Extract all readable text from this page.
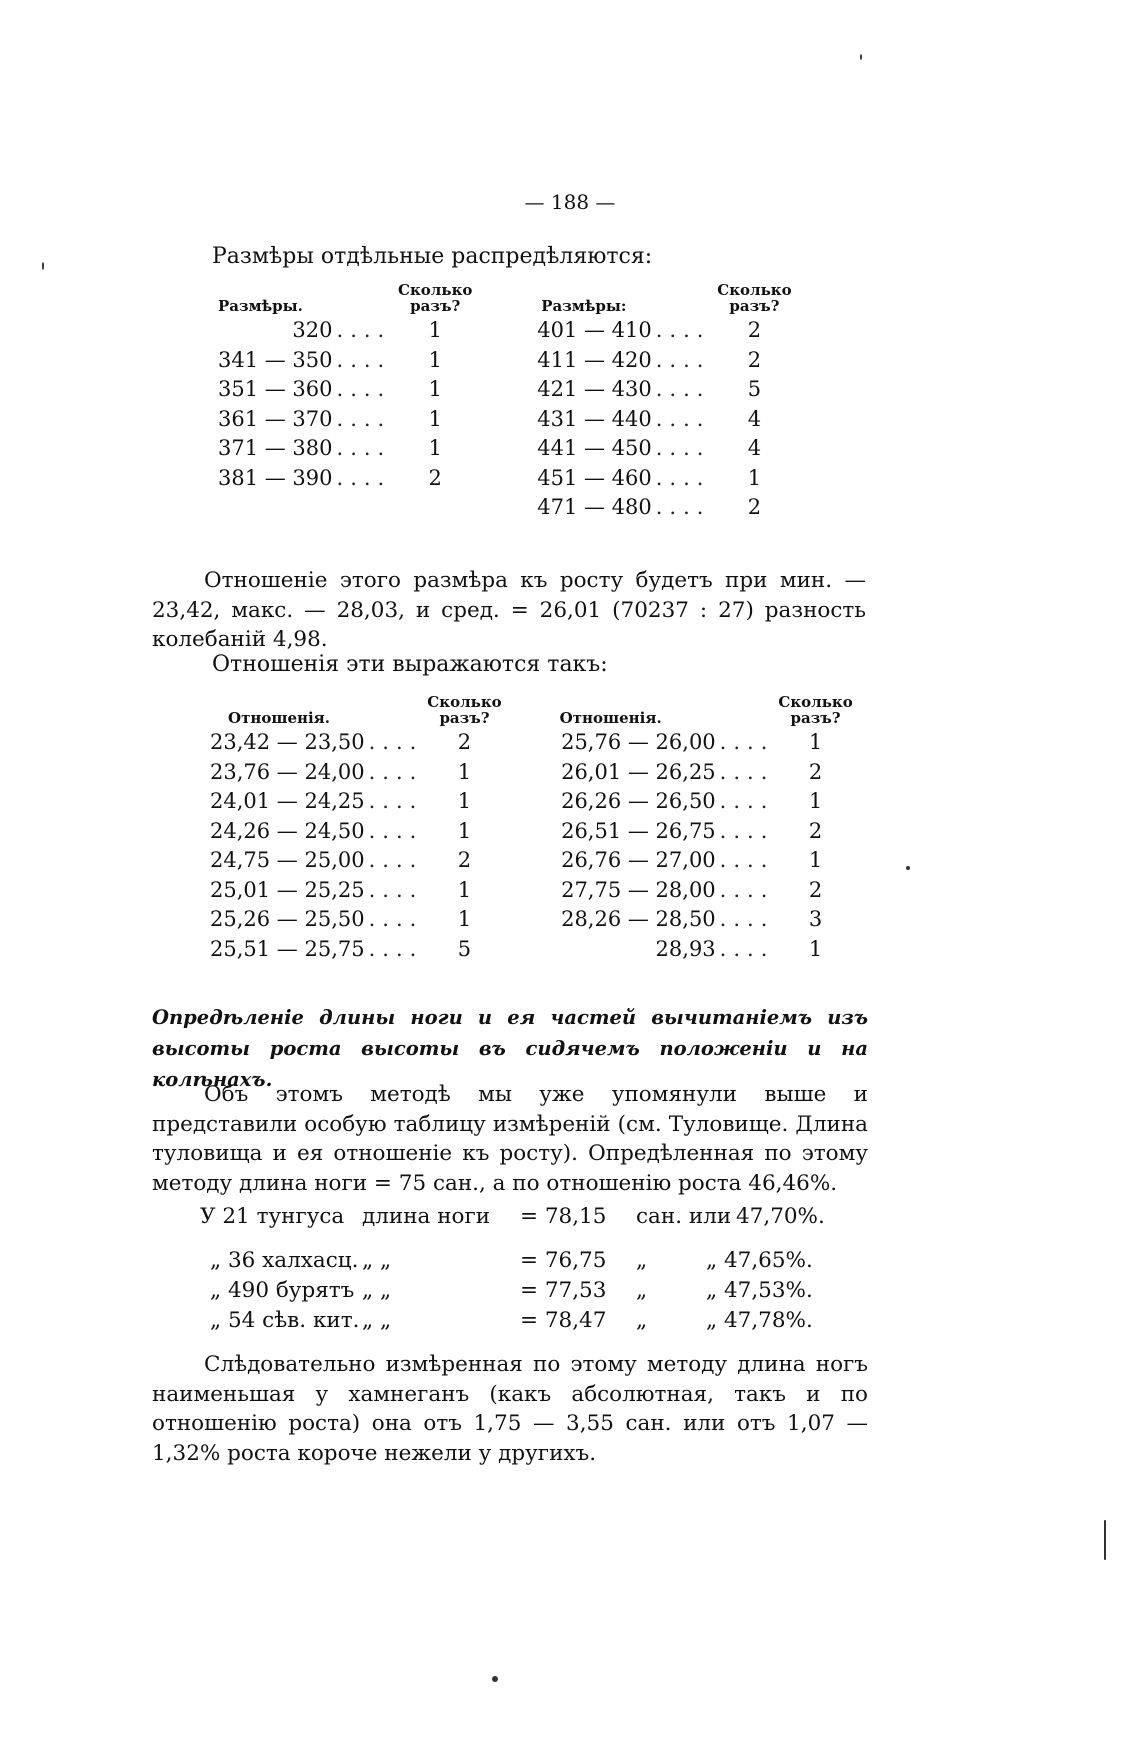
— 188 —
Размѣры отдѣльные распредѣляются:
Размѣры.		Сколько разъ?		Размѣры:		Сколько разъ?
320	....	1		401 — 410	....	2
341 — 350	....	1		411 — 420	....	2
351 — 360	....	1		421 — 430	....	5
361 — 370	....	1		431 — 440	....	4
371 — 380	....	1		441 — 450	....	4
381 — 390	....	2		451 — 460	....	1
				471 — 480	....	2
Отношеніе этого размѣра къ росту будетъ при мин. — 23,42, макс. — 28,03, и сред. = 26,01 (70237 : 27) разность колебаній 4,98.
Отношенія эти выражаются такъ:
Отношенія.		Сколько разъ?		Отношенія.		Сколько разъ?
23,42 — 23,50	....	2		25,76 — 26,00	....	1
23,76 — 24,00	....	1		26,01 — 26,25	....	2
24,01 — 24,25	....	1		26,26 — 26,50	....	1
24,26 — 24,50	....	1		26,51 — 26,75	....	2
24,75 — 25,00	....	2		26,76 — 27,00	....	1
25,01 — 25,25	....	1		27,75 — 28,00	....	2
25,26 — 25,50	....	1		28,26 — 28,50	....	3
25,51 — 25,75	....	5		28,93	....	1
Опредѣленіе длины ноги и ея частей вычитаніемъ изъ высоты роста высоты въ сидячемъ положеніи и на колѣнахъ.
Объ этомъ методѣ мы уже упомянули выше и представили особую таблицу измѣреній (см. Туловище. Длина туловища и ея отношеніе къ росту). Опредѣленная по этому методу длина ноги = 75 сан., а по отношенію роста 46,46%.
У 21 тунгуса длина ноги = 78,15 сан. или 47,70%.
„ 36 халхасц. „ „	= 76,75 „	„ 47,65%.
„ 490 бурятъ „ „	= 77,53 „	„ 47,53%.
„ 54 сѣв. кит. „ „	= 78,47 „	„ 47,78%.
Слѣдовательно измѣренная по этому методу длина ногъ наименьшая у хамнеганъ (какъ абсолютная, такъ и по отношенію роста) она отъ 1,75 — 3,55 сан. или отъ 1,07 — 1,32% роста короче нежели у другихъ.
